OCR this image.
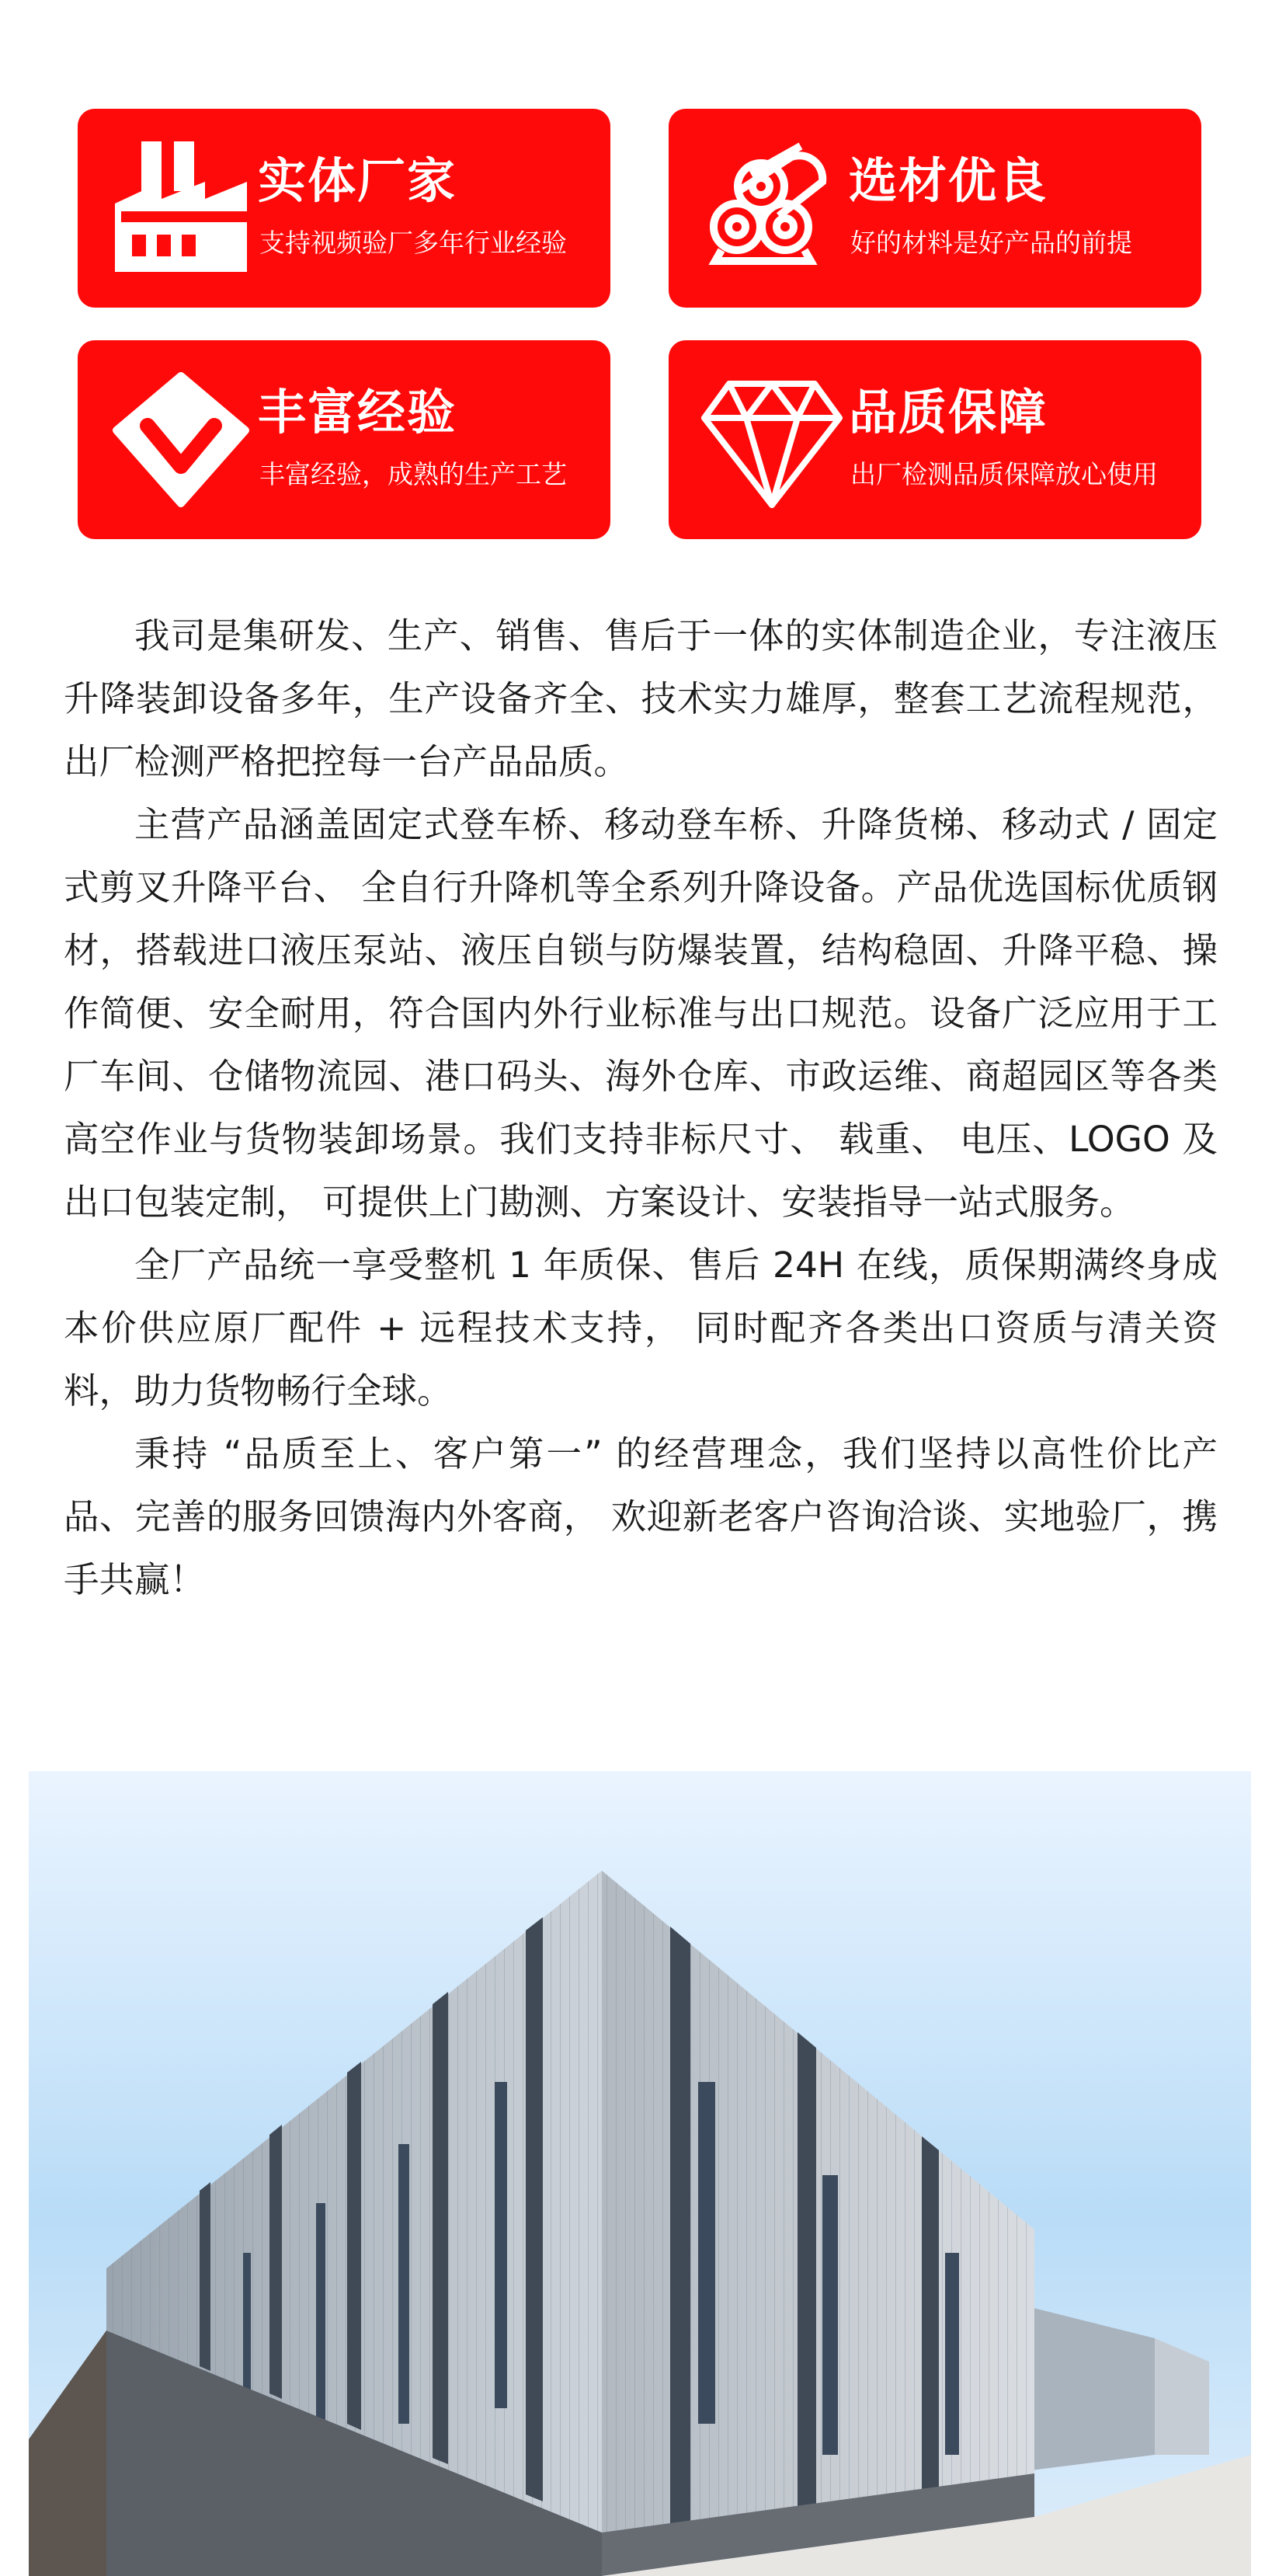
实体厂家
支持视频验厂多年行业经验
选材优良
好的材料是好产品的前提
丰富经验
丰富经验，成熟的生产工艺
品质保障
出厂检测品质保障放心使用

我司是集研发、生产、销售、售后于一体的实体制造企业，专注液压升降装卸设备多年，生产设备齐全、技术实力雄厚，整套工艺流程规范，出厂检测严格把控每一台产品品质。

主营产品涵盖固定式登车桥、移动登车桥、升降货梯、移动式 / 固定式剪叉升降平台、 全自行升降机等全系列升降设备。产品优选国标优质钢材，搭载进口液压泵站、液压自锁与防爆装置，结构稳固、升降平稳、操作简便、安全耐用，符合国内外行业标准与出口规范。设备广泛应用于工厂车间、仓储物流园、港口码头、海外仓库、市政运维、商超园区等各类高空作业与货物装卸场景。我们支持非标尺寸、 载重、 电压、LOGO 及出口包装定制， 可提供上门勘测、方案设计、安装指导一站式服务。

全厂产品统一享受整机 1 年质保、售后 24H 在线，质保期满终身成本价供应原厂配件 + 远程技术支持， 同时配齐各类出口资质与清关资料，助力货物畅行全球。

秉持 “品质至上、客户第一” 的经营理念，我们坚持以高性价比产品、完善的服务回馈海内外客商， 欢迎新老客户咨询洽谈、实地验厂，携手共赢！
